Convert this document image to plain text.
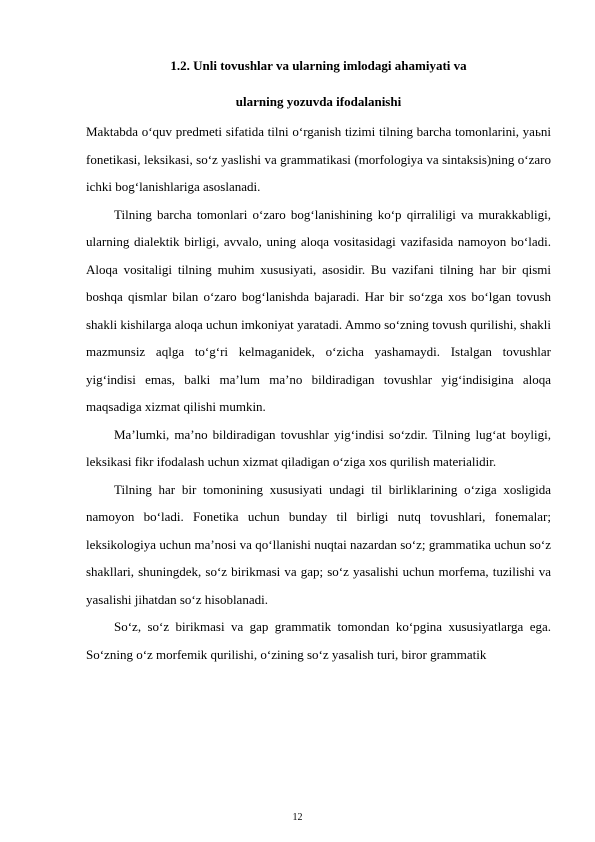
1.2. Unli tovushlar va ularning imlodagi ahamiyati va
ularning yozuvda ifodalanishi

Maktabda o‘quv predmeti sifatida tilni o‘rganish tizimi tilning barcha tomonlarini, yaьni fonetikasi, leksikasi, so‘z yaslishi va grammatikasi (morfologiya va sintaksis)ning o‘zaro ichki bog‘lanishlariga asoslanadi.

Tilning barcha tomonlari o‘zaro bog‘lanishining ko‘p qirraliligi va murakkabligi, ularning dialektik birligi, avvalo, uning aloqa vositasidagi vazifasida namoyon bo‘ladi. Aloqa vositaligi tilning muhim xususiyati, asosidir. Bu vazifani tilning har bir qismi boshqa qismlar bilan o‘zaro bog‘lanishda bajaradi. Har bir so‘zga xos bo‘lgan tovush shakli kishilarga aloqa uchun imkoniyat yaratadi. Ammo so‘zning tovush qurilishi, shakli mazmunsiz aqlga to‘g‘ri kelmaganidek, o‘zicha yashamaydi. Istalgan tovushlar yig‘indisi emas, balki ma’lum ma’no bildiradigan tovushlar yig‘indisigina aloqa maqsadiga xizmat qilishi mumkin.

Ma’lumki, ma’no bildiradigan tovushlar yig‘indisi so‘zdir. Tilning lug‘at boyligi, leksikasi fikr ifodalash uchun xizmat qiladigan o‘ziga xos qurilish materialidir.

Tilning har bir tomonining xususiyati undagi til birliklarining o‘ziga xosligida namoyon bo‘ladi. Fonetika uchun bunday til birligi nutq tovushlari, fonemalar; leksikologiya uchun ma’nosi va qo‘llanishi nuqtai nazardan so‘z; grammatika uchun so‘z shakllari, shuningdek, so‘z birikmasi va gap; so‘z yasalishi uchun morfema, tuzilishi va yasalishi jihatdan so‘z hisoblanadi.

So‘z, so‘z birikmasi va gap grammatik tomondan ko‘pgina xususiyatlarga ega. So‘zning o‘z morfemik qurilishi, o‘zining so‘z yasalish turi, biror grammatik

12
